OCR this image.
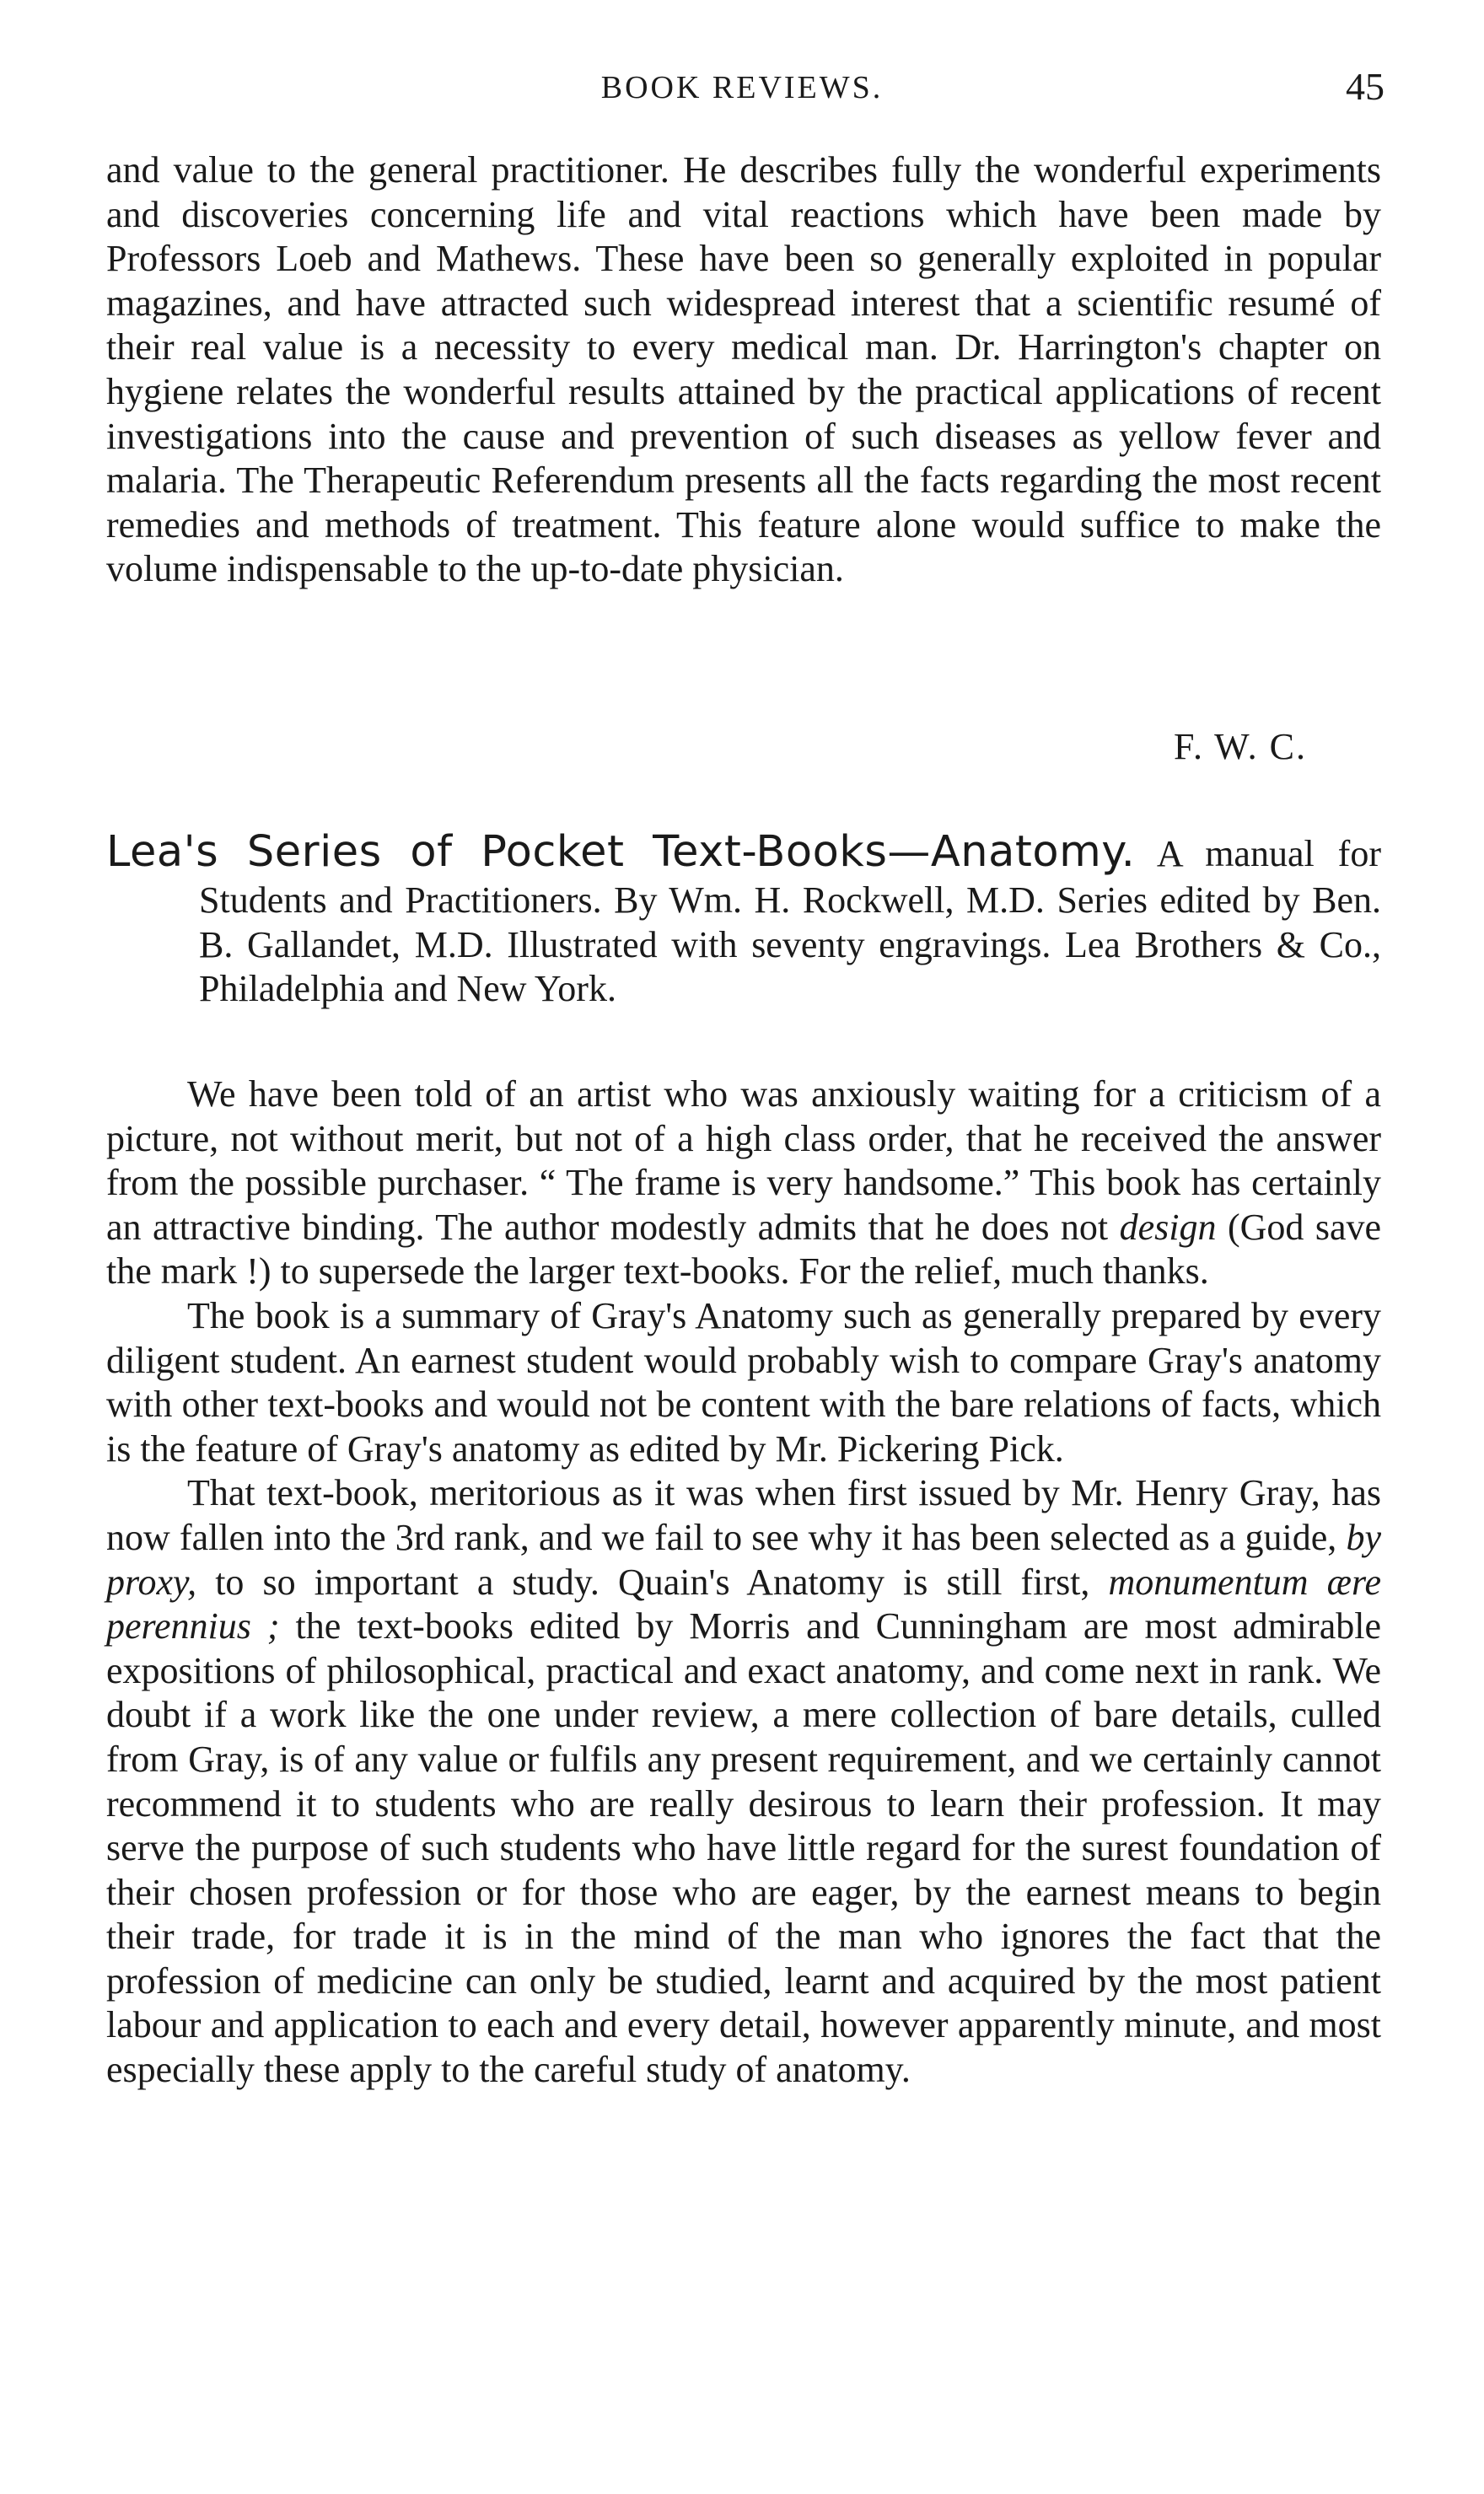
BOOK REVIEWS.	45

and value to the general practitioner. He describes fully the wonderful experiments and discoveries concerning life and vital reactions which have been made by Professors Loeb and Mathews. These have been so generally exploited in popular magazines, and have attracted such widespread interest that a scientific resumé of their real value is a necessity to every medical man. Dr. Harrington's chapter on hygiene relates the wonderful results attained by the practical applications of recent investigations into the cause and prevention of such diseases as yellow fever and malaria. The Therapeutic Referendum presents all the facts regarding the most recent remedies and methods of treatment. This feature alone would suffice to make the volume indispensable to the up-to-date physician.

F. W. C.

Lea's Series of Pocket Text-Books—Anatomy. A manual for Students and Practitioners. By Wm. H. Rockwell, M.D. Series edited by Ben. B. Gallandet, M.D. Illustrated with seventy engravings. Lea Brothers & Co., Philadelphia and New York.

We have been told of an artist who was anxiously waiting for a criticism of a picture, not without merit, but not of a high class order, that he received the answer from the possible purchaser. “ The frame is very handsome.” This book has certainly an attractive binding. The author modestly admits that he does not design (God save the mark !) to supersede the larger text-books. For the relief, much thanks.

The book is a summary of Gray's Anatomy such as generally prepared by every diligent student. An earnest student would probably wish to compare Gray's anatomy with other text-books and would not be content with the bare relations of facts, which is the feature of Gray's anatomy as edited by Mr. Pickering Pick.

That text-book, meritorious as it was when first issued by Mr. Henry Gray, has now fallen into the 3rd rank, and we fail to see why it has been selected as a guide, by proxy, to so important a study. Quain's Anatomy is still first, monumentum ære perennius ; the text-books edited by Morris and Cunningham are most admirable expositions of philosophical, practical and exact anatomy, and come next in rank. We doubt if a work like the one under review, a mere collection of bare details, culled from Gray, is of any value or fulfils any present requirement, and we certainly cannot recommend it to students who are really desirous to learn their profession. It may serve the purpose of such students who have little regard for the surest foundation of their chosen profession or for those who are eager, by the earnest means to begin their trade, for trade it is in the mind of the man who ignores the fact that the profession of medicine can only be studied, learnt and acquired by the most patient labour and application to each and every detail, however apparently minute, and most especially these apply to the careful study of anatomy.
